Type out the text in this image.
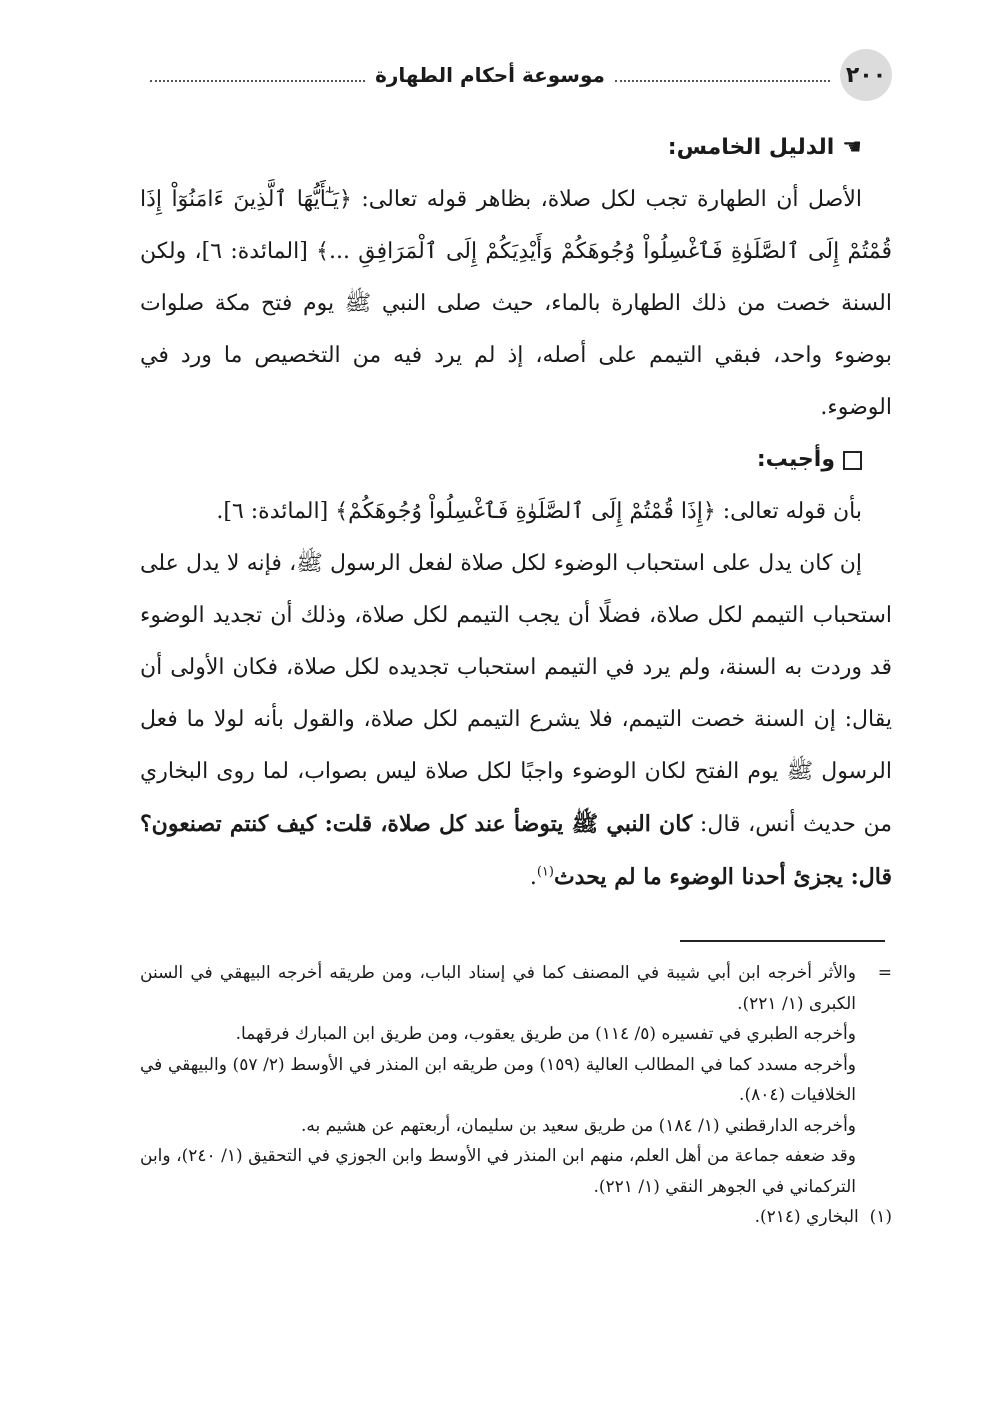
٢٠٠
موسوعة أحكام الطهارة

☚الدليل الخامس:

الأصل أن الطهارة تجب لكل صلاة، بظاهر قوله تعالى: ﴿يَـٰٓأَيُّهَا ٱلَّذِينَ ءَامَنُوٓاْ إِذَا قُمْتُمْ إِلَى ٱلصَّلَوٰةِ فَٱغْسِلُواْ وُجُوهَكُمْ وَأَيْدِيَكُمْ إِلَى ٱلْمَرَافِقِ ...﴾ [المائدة: ٦]، ولكن السنة خصت من ذلك الطهارة بالماء، حيث صلى النبي ﷺ يوم فتح مكة صلوات بوضوء واحد، فبقي التيمم على أصله، إذ لم يرد فيه من التخصيص ما ورد في الوضوء.

وأجيب:

بأن قوله تعالى: ﴿إِذَا قُمْتُمْ إِلَى ٱلصَّلَوٰةِ فَٱغْسِلُواْ وُجُوهَكُمْ﴾ [المائدة: ٦].

إن كان يدل على استحباب الوضوء لكل صلاة لفعل الرسول ﷺ، فإنه لا يدل على استحباب التيمم لكل صلاة، فضلًا أن يجب التيمم لكل صلاة، وذلك أن تجديد الوضوء قد وردت به السنة، ولم يرد في التيمم استحباب تجديده لكل صلاة، فكان الأولى أن يقال: إن السنة خصت التيمم، فلا يشرع التيمم لكل صلاة، والقول بأنه لولا ما فعل الرسول ﷺ يوم الفتح لكان الوضوء واجبًا لكل صلاة ليس بصواب، لما روى البخاري من حديث أنس، قال: كان النبي ﷺ يتوضأ عند كل صلاة، قلت: كيف كنتم تصنعون؟ قال: يجزئ أحدنا الوضوء ما لم يحدث$^{(١)}$.

=
والأثر أخرجه ابن أبي شيبة في المصنف كما في إسناد الباب، ومن طريقه أخرجه البيهقي في السنن الكبرى (١/ ٢٢١).

وأخرجه الطبري في تفسيره (٥/ ١١٤) من طريق يعقوب، ومن طريق ابن المبارك فرقهما.

وأخرجه مسدد كما في المطالب العالية (١٥٩) ومن طريقه ابن المنذر في الأوسط (٢/ ٥٧) والبيهقي في الخلافيات (٨٠٤).

وأخرجه الدارقطني (١/ ١٨٤) من طريق سعيد بن سليمان، أربعتهم عن هشيم به.

وقد ضعفه جماعة من أهل العلم، منهم ابن المنذر في الأوسط وابن الجوزي في التحقيق (١/ ٢٤٠)، وابن التركماني في الجوهر النقي (١/ ٢٢١).

(١)  البخاري (٢١٤).
